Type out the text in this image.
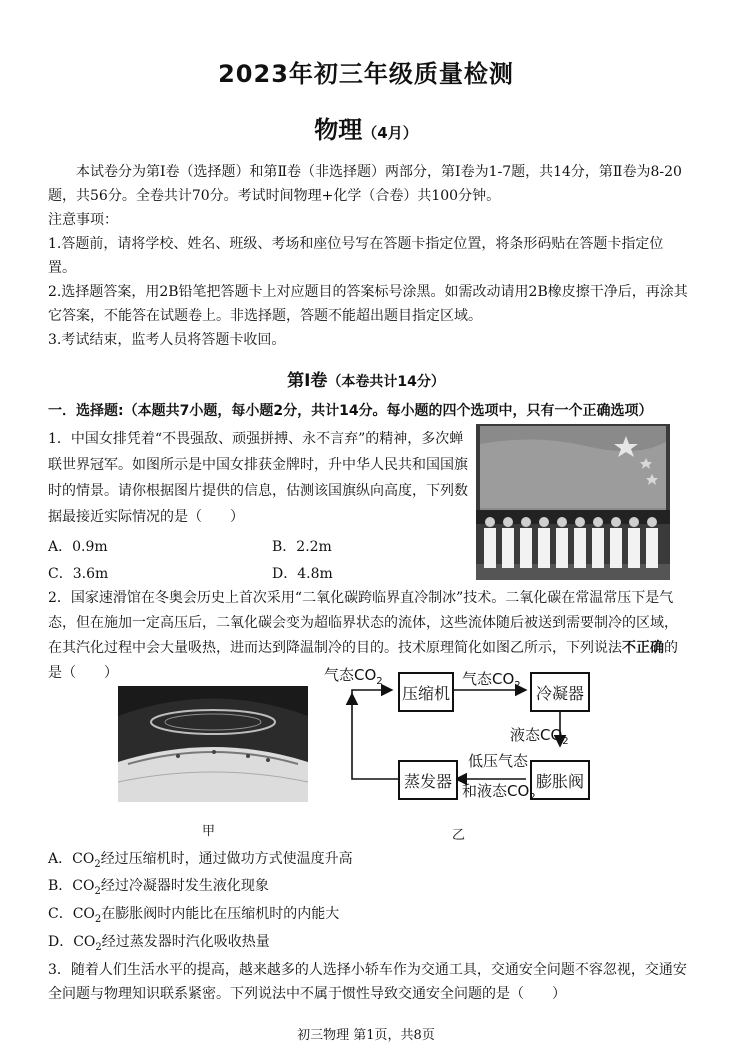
2023年初三年级质量检测
物理（4月）
本试卷分为第Ⅰ卷（选择题）和第Ⅱ卷（非选择题）两部分，第Ⅰ卷为1-7题，共14分，第Ⅱ卷为8-20题，共56分。全卷共计70分。考试时间物理+化学（合卷）共100分钟。
注意事项：
1.答题前，请将学校、姓名、班级、考场和座位号写在答题卡指定位置，将条形码贴在答题卡指定位置。
2.选择题答案，用2B铅笔把答题卡上对应题目的答案标号涂黑。如需改动请用2B橡皮擦干净后，再涂其它答案，不能答在试题卷上。非选择题，答题不能超出题目指定区域。
3.考试结束，监考人员将答题卡收回。
第Ⅰ卷（本卷共计14分）
一．选择题:（本题共7小题，每小题2分，共计14分。每小题的四个选项中，只有一个正确选项）
1．中国女排凭着“不畏强敌、顽强拼搏、永不言弃”的精神，多次蝉联世界冠军。如图所示是中国女排获金牌时，升中华人民共和国国旗时的情景。请你根据图片提供的信息，估测该国旗纵向高度，下列数据最接近实际情况的是（　　）
A．0.9m	B．2.2m
C．3.6m	D．4.8m
2．国家速滑馆在冬奥会历史上首次采用“二氧化碳跨临界直冷制冰”技术。二氧化碳在常温常压下是气态，但在施加一定高压后，二氧化碳会变为超临界状态的流体，这些流体随后被送到需要制冷的区域，在其汽化过程中会大量吸热，进而达到降温制冷的目的。技术原理简化如图乙所示，下列说法不正确的是（　　）
甲
压缩机	冷凝器
膨胀阀
蒸发器
气态$CO_2$	气态$CO_2$
液态$CO_2$
低压气态
和液态$CO_2$
乙
A．$CO_2$经过压缩机时，通过做功方式使温度升高
B．$CO_2$经过冷凝器时发生液化现象
C．$CO_2$在膨胀阀时内能比在压缩机时的内能大
D．$CO_2$经过蒸发器时汽化吸收热量
3．随着人们生活水平的提高，越来越多的人选择小轿车作为交通工具，交通安全问题不容忽视，交通安全问题与物理知识联系紧密。下列说法中不属于惯性导致交通安全问题的是（　　）
初三物理 第1页，共8页
